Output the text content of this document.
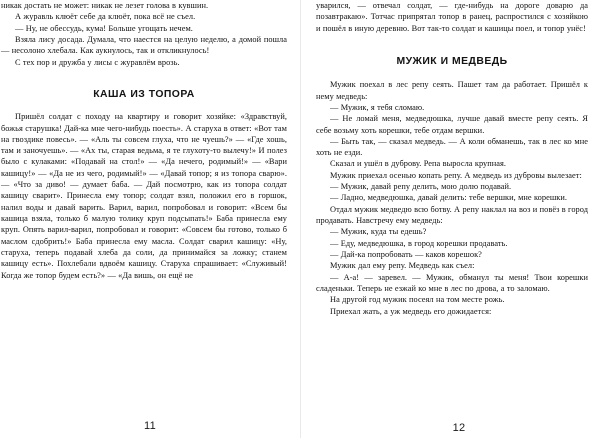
никак достать не может: никак не лезет голова в кувшин.

А журавль клюёт себе да клюёт, пока всё не съел.

— Ну, не обессудь, кума! Больше угощать нечем.

Взяла лису досада. Думала, что наестся на целую неделю, а домой пошла — несолоно хлебала. Как аукнулось, так и откликнулось!

С тех пор и дружба у лисы с журавлём врозь.

КАША ИЗ ТОПОРА

Пришёл солдат с походу на квартиру и говорит хозяйке: «Здравствуй, божья старушка! Дай-ка мне чего-нибудь поесть». А старуха в ответ: «Вот там на гвоздике повесь». — «Аль ты совсем глуха, что не чуешь?» — «Где хошь, там и заночуешь». — «Ах ты, старая ведьма, я те глухоту-то вылечу!» И полез было с кулаками: «Подавай на стол!» — «Да нечего, родимый!» — «Вари кашицу!» — «Да не из чего, родимый!» — «Давай топор; я из топора сварю». — «Что за диво! — думает баба. — Дай посмотрю, как из топора солдат кашицу сварит». Принесла ему топор; солдат взял, положил его в горшок, налил воды и давай варить. Варил, варил, попробовал и говорит: «Всем бы кашица взяла, только б малую толику круп подсыпать!» Баба принесла ему круп. Опять варил-варил, попробовал и говорит: «Совсем бы готово, только б маслом сдобрить!» Баба принесла ему масла. Солдат сварил кашицу: «Ну, старуха, теперь подавай хлеба да соли, да принимайся за ложку; станем кашицу есть». Похлебали вдвоём кашицу. Старуха спрашивает: «Служивый! Когда же топор будем есть?» — «Да вишь, он ещё не

11

уварился, — отвечал солдат, — где-нибудь на дороге доварю да позавтракаю». Тотчас припрятал топор в ранец, распростился с хозяйкою и пошёл в иную деревню. Вот так-то солдат и кашицы поел, и топор унёс!

МУЖИК И МЕДВЕДЬ

Мужик поехал в лес репу сеять. Пашет там да работает. Пришёл к нему медведь:

— Мужик, я тебя сломаю.

— Не ломай меня, медведюшка, лучше давай вместе репу сеять. Я себе возьму хоть корешки, тебе отдам вершки.

— Быть так, — сказал медведь. — А коли обманешь, так в лес ко мне хоть не езди.

Сказал и ушёл в дуброву. Репа выросла крупная.

Мужик приехал осенью копать репу. А медведь из дубровы вылезает:

— Мужик, давай репу делить, мою долю подавай.

— Ладно, медведюшка, давай делить: тебе вершки, мне корешки.

Отдал мужик медведю всю ботву. А репу наклал на воз и повёз в город продавать. Навстречу ему медведь:

— Мужик, куда ты едешь?

— Еду, медведюшка, в город корешки продавать.

— Дай-ка попробовать — каков корешок?

Мужик дал ему репу. Медведь как съел:

— А-а! — заревел. — Мужик, обманул ты меня! Твои корешки сладеньки. Теперь не езжай ко мне в лес по дрова, а то заломаю.

На другой год мужик посеял на том месте рожь.

Приехал жать, а уж медведь его дожидается:

12
